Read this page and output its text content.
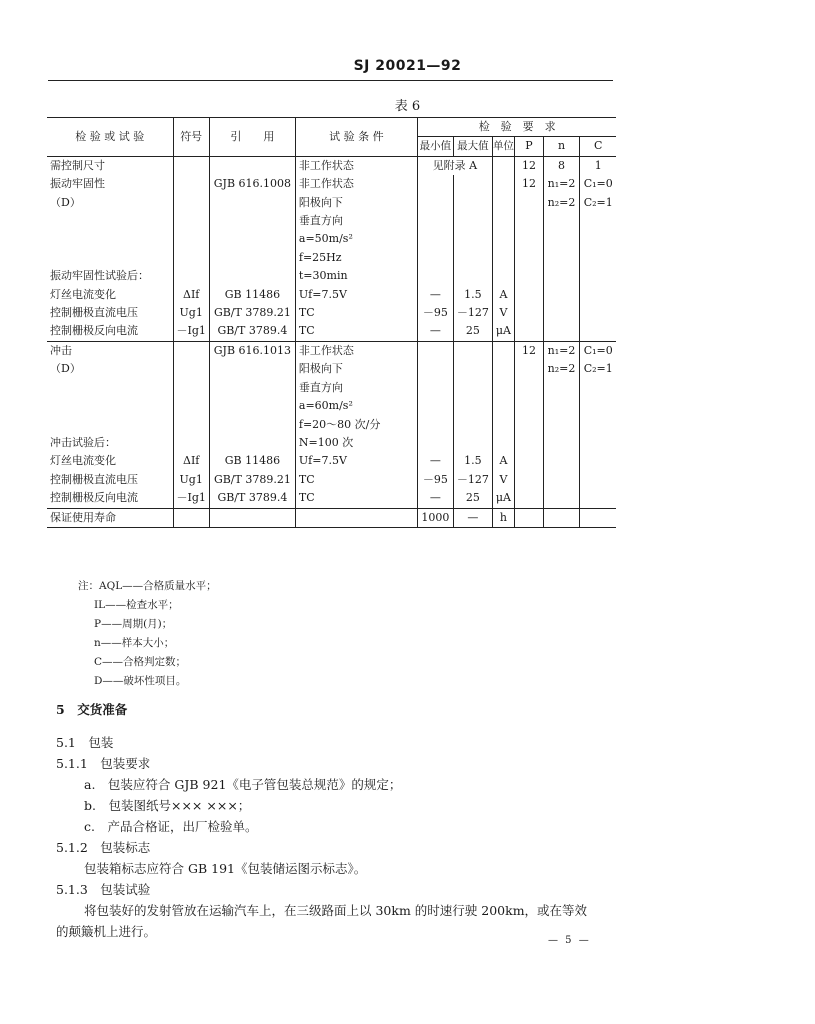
SJ 20021—92
表 6
检 验 或 试 验	符号	引　　用	试 验 条 件	检　验　要　求					
				最小值	最大值	单位	P	n	C
需控制尺寸			非工作状态	见附录 A			12	8	1
振动牢固性		GJB 616.1008	非工作状态				12	n₁=2	C₁=0
（D）			阳极向下					n₂=2	C₂=1
			垂直方向						
			a=50m/s²						
			f=25Hz						
振动牢固性试验后：			t=30min						
灯丝电流变化	ΔIf	GB 11486	Uf=7.5V	—	1.5	A			
控制栅极直流电压	Ug1	GB/T 3789.21	TC	－95	－127	V			
控制栅极反向电流	－Ig1	GB/T 3789.4	TC	—	25	μA			
冲击		GJB 616.1013	非工作状态				12	n₁=2	C₁=0
（D）			阳极向下					n₂=2	C₂=1
			垂直方向						
			a=60m/s²						
			f=20～80 次/分						
冲击试验后：			N=100 次						
灯丝电流变化	ΔIf	GB 11486	Uf=7.5V	—	1.5	A			
控制栅极直流电压	Ug1	GB/T 3789.21	TC	－95	－127	V			
控制栅极反向电流	－Ig1	GB/T 3789.4	TC	—	25	μA			
保证使用寿命				1000	—	h			
注：AQL——合格质量水平；
IL——检查水平；
P——周期(月)；
n——样本大小；
C——合格判定数；
D——破坏性项目。
5　交货准备
5.1　包装
5.1.1　包装要求
a.　包装应符合 GJB 921《电子管包装总规范》的规定；
b.　包装图纸号××× ×××；
c.　产品合格证，出厂检验单。
5.1.2　包装标志
包装箱标志应符合 GB 191《包装储运图示标志》。
5.1.3　包装试验
将包装好的发射管放在运输汽车上，在三级路面上以 30km 的时速行驶 200km，或在等效
的颠簸机上进行。
— 5 —
